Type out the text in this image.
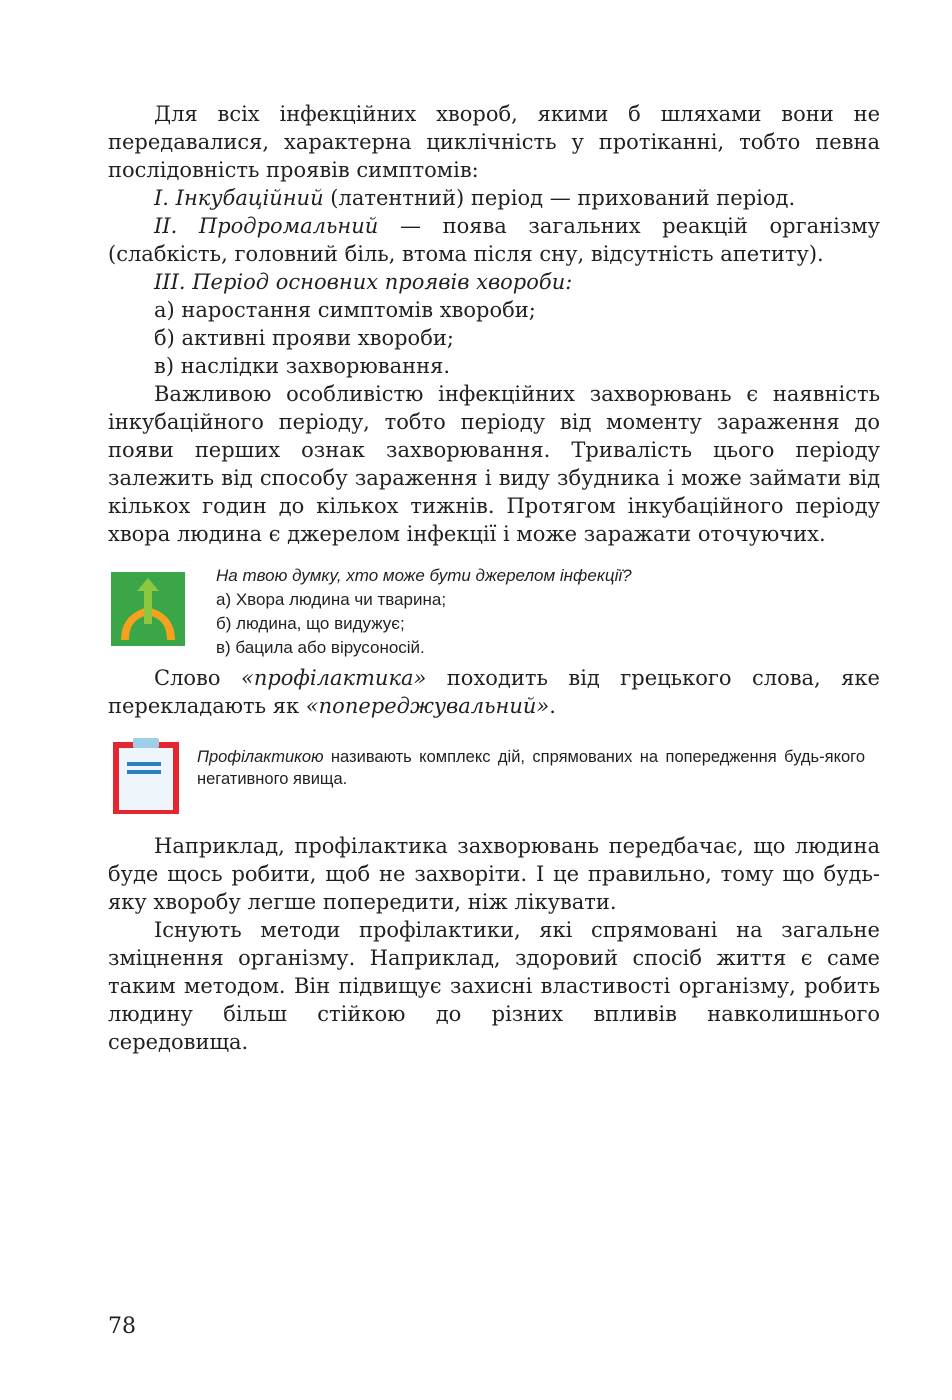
Для всіх інфекційних хвороб, якими б шляхами вони не передавалися, характерна циклічність у протіканні, тобто певна послідовність проявів симптомів:

I. Інкубаційний (латентний) період — прихований період.

II. Продромальний — поява загальних реакцій організму (слабкість, головний біль, втома після сну, відсутність апетиту).

III. Період основних проявів хвороби:

а) наростання симптомів хвороби;

б) активні прояви хвороби;

в) наслідки захворювання.

Важливою особливістю інфекційних захворювань є наявність інкубаційного періоду, тобто періоду від моменту зараження до появи перших ознак захворювання. Тривалість цього періоду залежить від способу зараження і виду збудника і може займати від кількох годин до кількох тижнів. Протягом інкубаційного періоду хвора людина є джерелом інфекції і може заражати оточуючих.

На твою думку, хто може бути джерелом інфекції?
а) Хвора людина чи тварина;
б) людина, що видужує;
в) бацила або вірусоносій.

Слово «профілактика» походить від грецького слова, яке перекладають як «попереджувальний».

Профілактикою називають комплекс дій, спрямованих на попередження будь-якого негативного явища.

Наприклад, профілактика захворювань передбачає, що людина буде щось робити, щоб не захворіти. І це правильно, тому що будь-яку хворобу легше попередити, ніж лікувати.

Існують методи профілактики, які спрямовані на загальне зміцнення організму. Наприклад, здоровий спосіб життя є саме таким методом. Він підвищує захисні властивості організму, робить людину більш стійкою до різних впливів навколишнього середовища.

78
